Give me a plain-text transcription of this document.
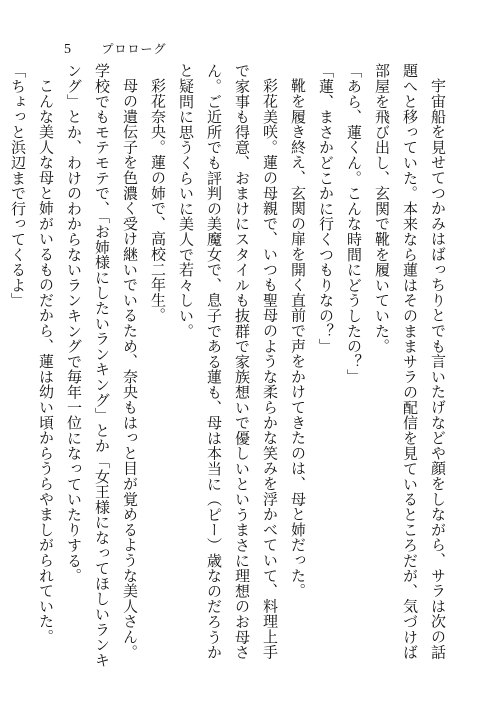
5	プロローグ

宇宙船を見せてつかみはばっちりとでも言いたげなどや顔をしながら、サラは次の話題へと移っていた。本来なら蓮はそのままサラの配信を見ているところだが、気づけば部屋を飛び出し、玄関で靴を履いていた。

「あら、蓮くん。こんな時間にどうしたの？」

「蓮、まさかどこかに行くつもりなの？」

靴を履き終え、玄関の扉を開く直前で声をかけてきたのは、母と姉だった。

彩花美咲。蓮の母親で、いつも聖母のような柔らかな笑みを浮かべていて、料理上手で家事も得意、おまけにスタイルも抜群で家族想いで優しいというまさに理想のお母さん。ご近所でも評判の美魔女で、息子である蓮も、母は本当に（ピー）歳なのだろうかと疑問に思うくらいに美人で若々しい。

彩花奈央。蓮の姉で、高校二年生。

母の遺伝子を色濃く受け継いでいるため、奈央もはっと目が覚めるような美人さん。学校でもモテモテで、「お姉様にしたいランキング」とか「女王様になってほしいランキング」とか、わけのわからないランキングで毎年一位になっていたりする。

こんな美人な母と姉がいるものだから、蓮は幼い頃からうらやましがられていた。

「ちょっと浜辺まで行ってくるよ」
